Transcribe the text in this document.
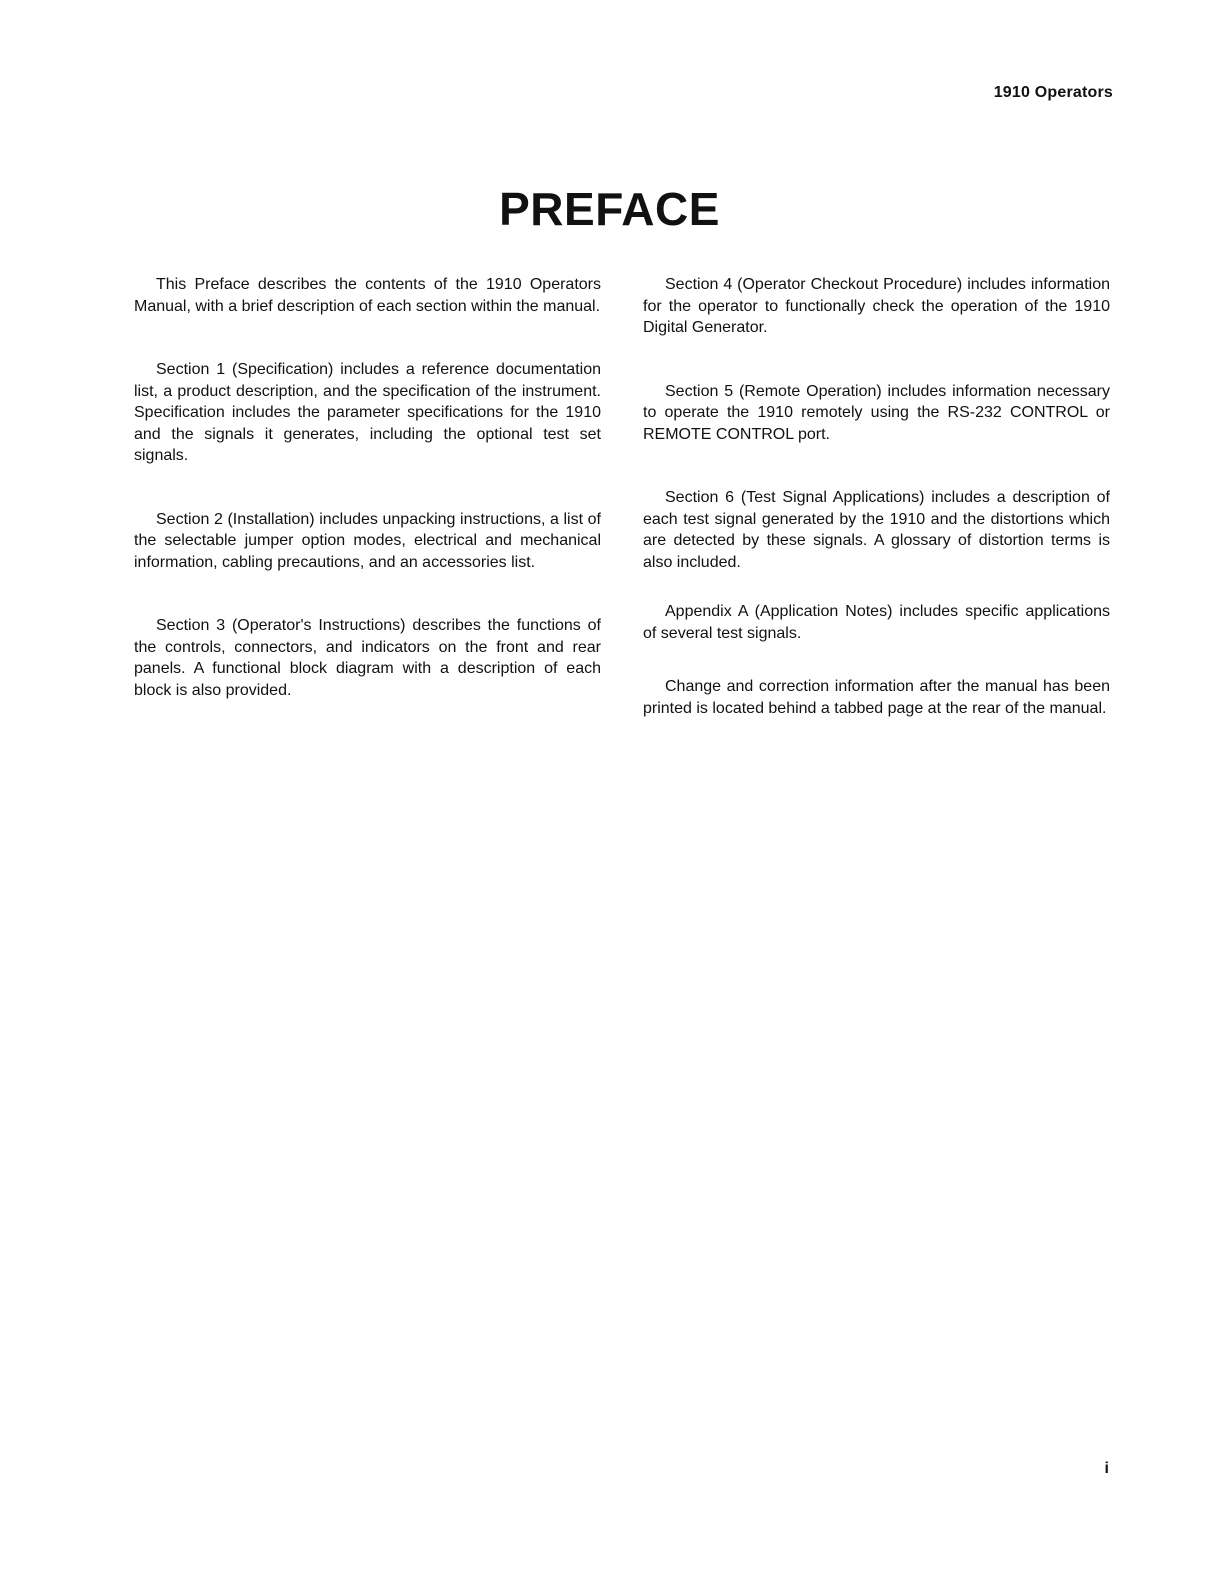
1910 Operators
PREFACE

This Preface describes the contents of the 1910 Operators Manual, with a brief description of each section within the manual.

Section 1 (Specification) includes a reference documentation list, a product description, and the specification of the instrument. Specification includes the parameter specifications for the 1910 and the signals it generates, including the optional test set signals.

Section 2 (Installation) includes unpacking instructions, a list of the selectable jumper option modes, electrical and mechanical information, cabling precautions, and an accessories list.

Section 3 (Operator's Instructions) describes the functions of the controls, connectors, and indicators on the front and rear panels. A functional block diagram with a description of each block is also provided.

Section 4 (Operator Checkout Procedure) includes information for the operator to functionally check the operation of the 1910 Digital Generator.

Section 5 (Remote Operation) includes information necessary to operate the 1910 remotely using the RS-232 CONTROL or REMOTE CONTROL port.

Section 6 (Test Signal Applications) includes a description of each test signal generated by the 1910 and the distortions which are detected by these signals. A glossary of distortion terms is also included.

Appendix A (Application Notes) includes specific applications of several test signals.

Change and correction information after the manual has been printed is located behind a tabbed page at the rear of the manual.

i
